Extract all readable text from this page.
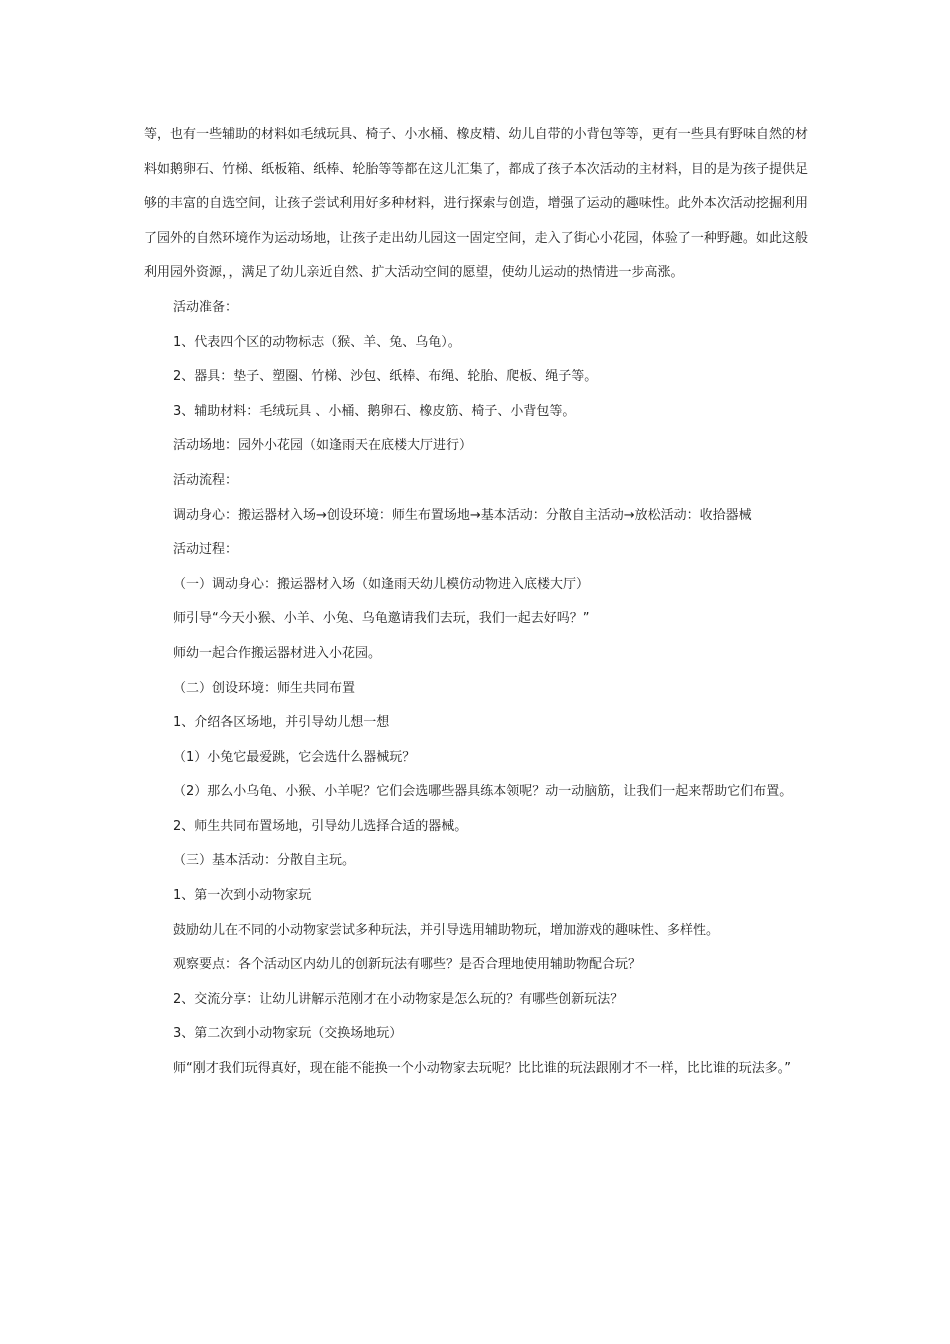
等，也有一些辅助的材料如毛绒玩具、椅子、小水桶、橡皮精、幼儿自带的小背包等等，更有一些具有野味自然的材料如鹅卵石、竹梯、纸板箱、纸棒、轮胎等等都在这儿汇集了，都成了孩子本次活动的主材料，目的是为孩子提供足够的丰富的自选空间，让孩子尝试利用好多种材料，进行探索与创造，增强了运动的趣味性。此外本次活动挖掘利用了园外的自然环境作为运动场地，让孩子走出幼儿园这一固定空间，走入了街心小花园，体验了一种野趣。如此这般利用园外资源，，满足了幼儿亲近自然、扩大活动空间的愿望，使幼儿运动的热情进一步高涨。

活动准备：

1、代表四个区的动物标志（猴、羊、兔、乌龟）。

2、器具：垫子、塑圈、竹梯、沙包、纸棒、布绳、轮胎、爬板、绳子等。

3、辅助材料：毛绒玩具 、小桶、鹅卵石、橡皮筋、椅子、小背包等。

活动场地：园外小花园（如逢雨天在底楼大厅进行）

活动流程：

调动身心：搬运器材入场→创设环境：师生布置场地→基本活动：分散自主活动→放松活动：收拾器械

活动过程：

（一）调动身心：搬运器材入场（如逢雨天幼儿模仿动物进入底楼大厅）

师引导“今天小猴、小羊、小兔、乌龟邀请我们去玩，我们一起去好吗？”

师幼一起合作搬运器材进入小花园。

（二）创设环境：师生共同布置

1、介绍各区场地，并引导幼儿想一想

（1）小兔它最爱跳，它会选什么器械玩？

（2）那么小乌龟、小猴、小羊呢？它们会选哪些器具练本领呢？动一动脑筋，让我们一起来帮助它们布置。

2、师生共同布置场地，引导幼儿选择合适的器械。

（三）基本活动：分散自主玩。

1、第一次到小动物家玩

鼓励幼儿在不同的小动物家尝试多种玩法，并引导选用辅助物玩，增加游戏的趣味性、多样性。

观察要点：各个活动区内幼儿的创新玩法有哪些？是否合理地使用辅助物配合玩？

2、交流分享：让幼儿讲解示范刚才在小动物家是怎么玩的？有哪些创新玩法？

3、第二次到小动物家玩（交换场地玩）

师“刚才我们玩得真好，现在能不能换一个小动物家去玩呢？比比谁的玩法跟刚才不一样，比比谁的玩法多。”
